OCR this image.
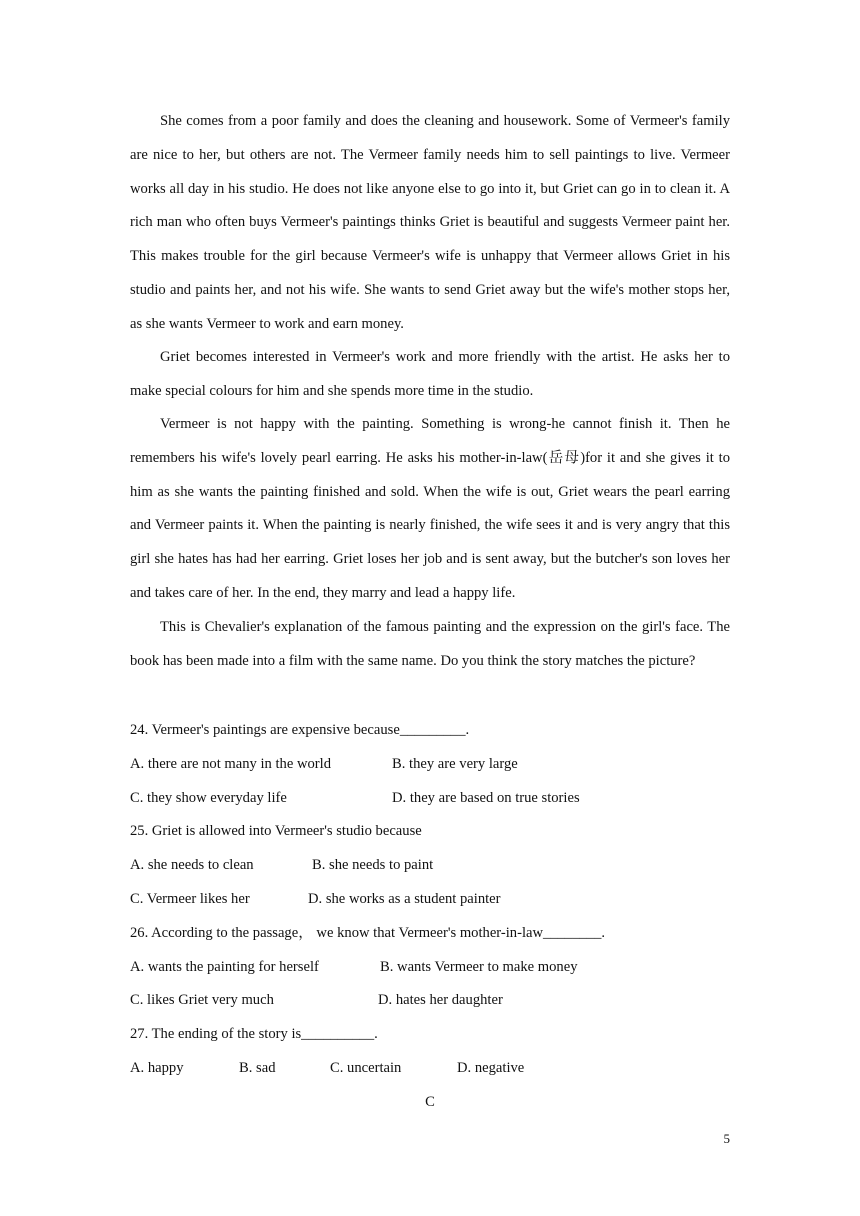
She comes from a poor family and does the cleaning and housework. Some of Vermeer's family are nice to her, but others are not. The Vermeer family needs him to sell paintings to live. Vermeer works all day in his studio. He does not like anyone else to go into it, but Griet can go in to clean it. A rich man who often buys Vermeer's paintings thinks Griet is beautiful and suggests Vermeer paint her. This makes trouble for the girl because Vermeer's wife is unhappy that Vermeer allows Griet in his studio and paints her, and not his wife. She wants to send Griet away but the wife's mother stops her, as she wants Vermeer to work and earn money.

Griet becomes interested in Vermeer's work and more friendly with the artist. He asks her to make special colours for him and she spends more time in the studio.

Vermeer is not happy with the painting. Something is wrong-he cannot finish it. Then he remembers his wife's lovely pearl earring. He asks his mother-in-law(岳母)for it and she gives it to him as she wants the painting finished and sold. When the wife is out, Griet wears the pearl earring and Vermeer paints it. When the painting is nearly finished, the wife sees it and is very angry that this girl she hates has had her earring. Griet loses her job and is sent away, but the butcher's son loves her and takes care of her. In the end, they marry and lead a happy life.

This is Chevalier's explanation of the famous painting and the expression on the girl's face. The book has been made into a film with the same name. Do you think the story matches the picture?

24. Vermeer's paintings are expensive because_________.
A. there are not many in the world	B. they are very large
C. they show everyday life	D. they are based on true stories
25. Griet is allowed into Vermeer's studio because
A. she needs to clean	B. she needs to paint
C. Vermeer likes her	D. she works as a student painter
26. According to the passage， we know that Vermeer's mother-in-law________.
A. wants the painting for herself	B. wants Vermeer to make money
C. likes Griet very much	D. hates her daughter
27. The ending of the story is__________.
A. happy	B. sad	C. uncertain	D. negative
C
5
